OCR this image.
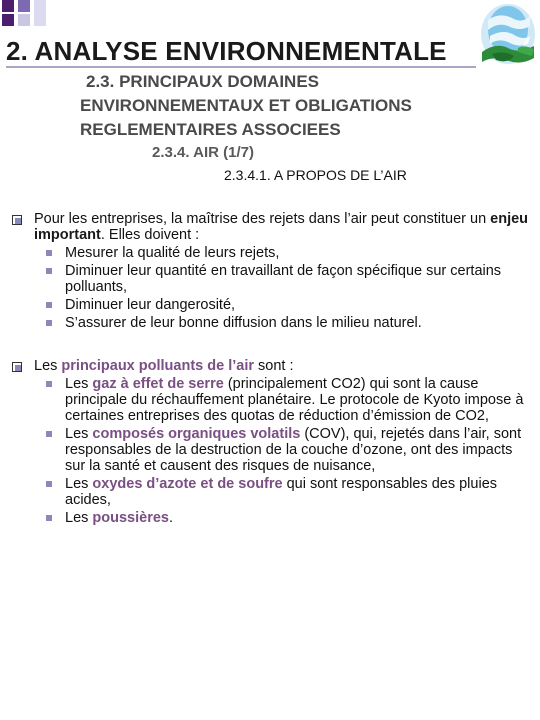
2. ANALYSE ENVIRONNEMENTALE
2.3. PRINCIPAUX DOMAINES
ENVIRONNEMENTAUX ET OBLIGATIONS
REGLEMENTAIRES ASSOCIEES
2.3.4. AIR (1/7)
2.3.4.1. A PROPOS DE L’AIR
Pour les entreprises, la maîtrise des rejets dans l’air peut constituer un enjeu important. Elles doivent :
Mesurer la qualité de leurs rejets,
Diminuer leur quantité en travaillant de façon spécifique sur certains polluants,
Diminuer leur dangerosité,
S’assurer de leur bonne diffusion dans le milieu naturel.
Les principaux polluants de l’air sont :
Les gaz à effet de serre (principalement CO2) qui sont la cause principale du réchauffement planétaire. Le protocole de Kyoto impose à certaines entreprises des quotas de réduction d’émission de CO2,
Les composés organiques volatils (COV), qui, rejetés dans l’air, sont responsables de la destruction de la couche d’ozone, ont des impacts sur la santé et causent des risques de nuisance,
Les oxydes d’azote et de soufre qui sont responsables des pluies acides,
Les poussières.
